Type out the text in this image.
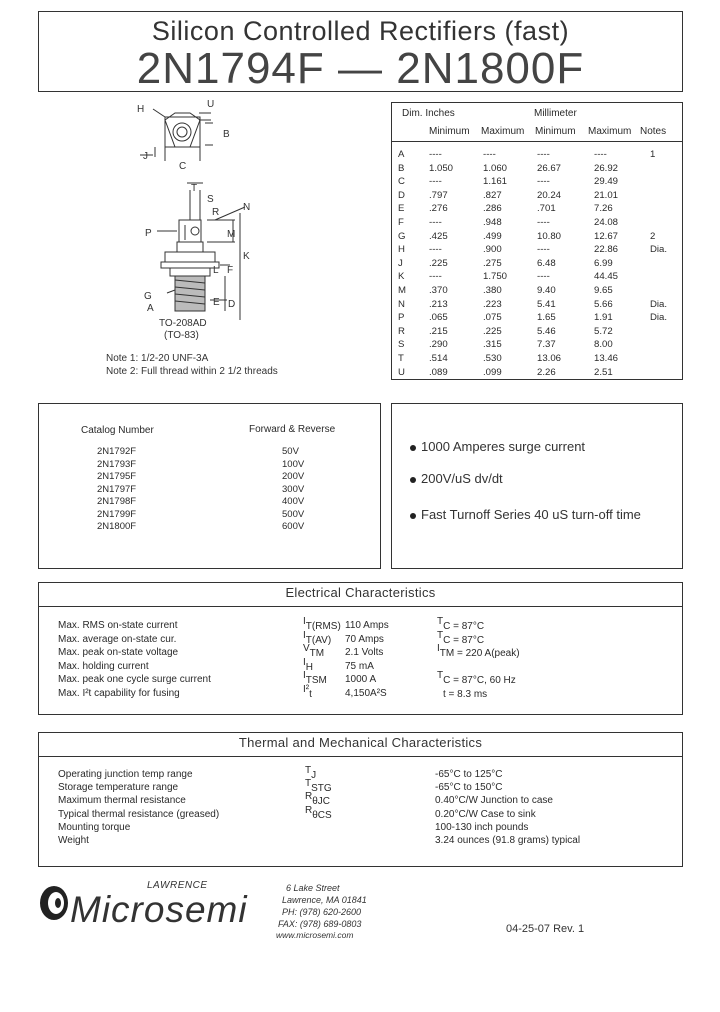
Silicon Controlled Rectifiers (fast)
2N1794F — 2N1800F
H	U
B
J
C
T
S
R N
P	M
K
L F
G
A
E D
TO-208AD
(TO-83)
Note 1: 1/2-20 UNF-3A
Note 2: Full thread within 2 1/2 threads
Dim. Inches	Millimeter
Minimum Maximum Minimum Maximum Notes
A	----	----	----	----	1
B	1.050	1.060	26.67	26.92
C	----	1.161	----	29.49
D	.797	.827	20.24	21.01
E	.276	.286	.701	7.26
F	----	.948	----	24.08
G .425	.499	10.80	12.67	2
H	----	.900	----	22.86	Dia.
J	.225	.275	6.48	6.99
K	----	1.750	----	44.45
M .370	.380	9.40	9.65
N	.213	.223	5.41	5.66	Dia.
P	.065	.075	1.65	1.91	Dia.
R	.215	.225	5.46	5.72
S	.290	.315	7.37	8.00
T	.514	.530	13.06	13.46
U	.089	.099	2.26	2.51
Catalog Number	Forward & Reverse
2N1792F	50V
2N1793F	100V
2N1795F	200V
2N1797F	300V
2N1798F	400V
2N1799F	500V
2N1800F	600V
1000 Amperes surge current
200V/uS dv/dt
Fast Turnoff Series 40 uS turn-off time
Electrical Characteristics
Max. RMS on-state current	IT(RMS) 110 Amps	TC = 87°C
Max. average on-state cur.	IT(AV) 70 Amps	TC = 87°C
Max. peak on-state voltage	VTM 2.1 Volts	ITM = 220 A(peak)
Max. holding current	IH	75 mA
Max. peak one cycle surge current	ITSM 1000 A	TC = 87°C, 60 Hz
Max. I²t capability for fusing	I²t	4,150A²S	t = 8.3 ms
Thermal and Mechanical Characteristics
Operating junction temp range	TJ	-65°C to 125°C
Storage temperature range	TSTG	-65°C to 150°C
Maximum thermal resistance	RθJC	0.40°C/W Junction to case
Typical thermal resistance (greased)	RθCS	0.20°C/W Case to sink
Mounting torque	100-130 inch pounds
Weight	3.24 ounces (91.8 grams) typical
LAWRENCE
Microsemi
6 Lake Street
Lawrence, MA 01841
PH: (978) 620-2600
FAX: (978) 689-0803
www.microsemi.com	04-25-07 Rev. 1
